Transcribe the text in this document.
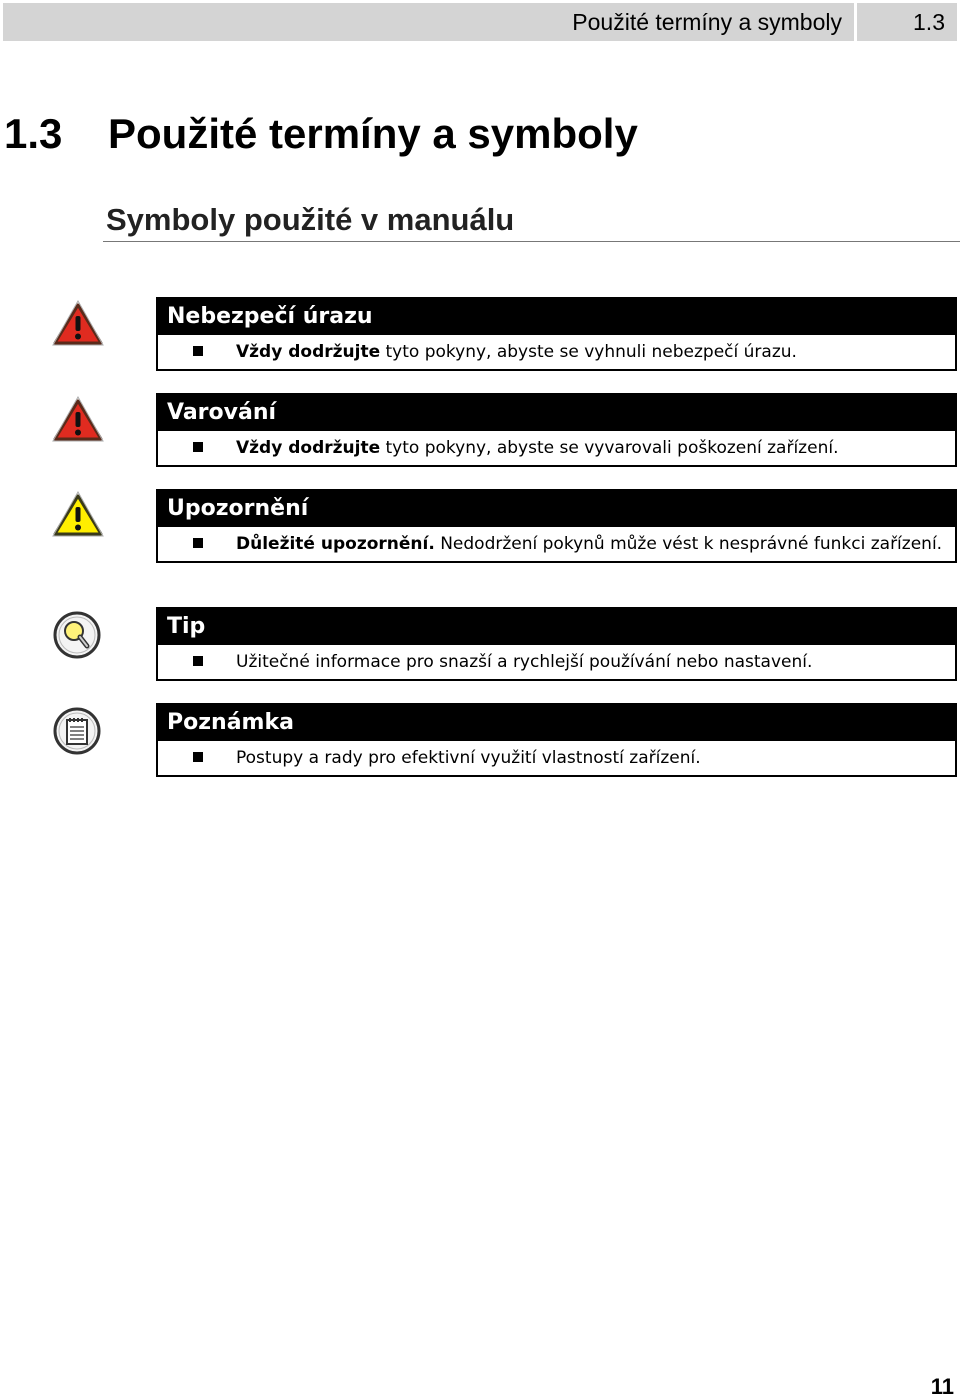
Použité termíny a symboly	1.3
1.3 Použité termíny a symboly
Symboly použité v manuálu
Nebezpečí úrazu
Vždy dodržujte tyto pokyny, abyste se vyhnuli nebezpečí úrazu.
Varování
Vždy dodržujte tyto pokyny, abyste se vyvarovali poškození zařízení.
Upozornění
Důležité upozornění. Nedodržení pokynů může vést k nesprávné funkci zařízení.
Tip
Užitečné informace pro snazší a rychlejší používání nebo nastavení.
Poznámka
Postupy a rady pro efektivní využití vlastností zařízení.
11
